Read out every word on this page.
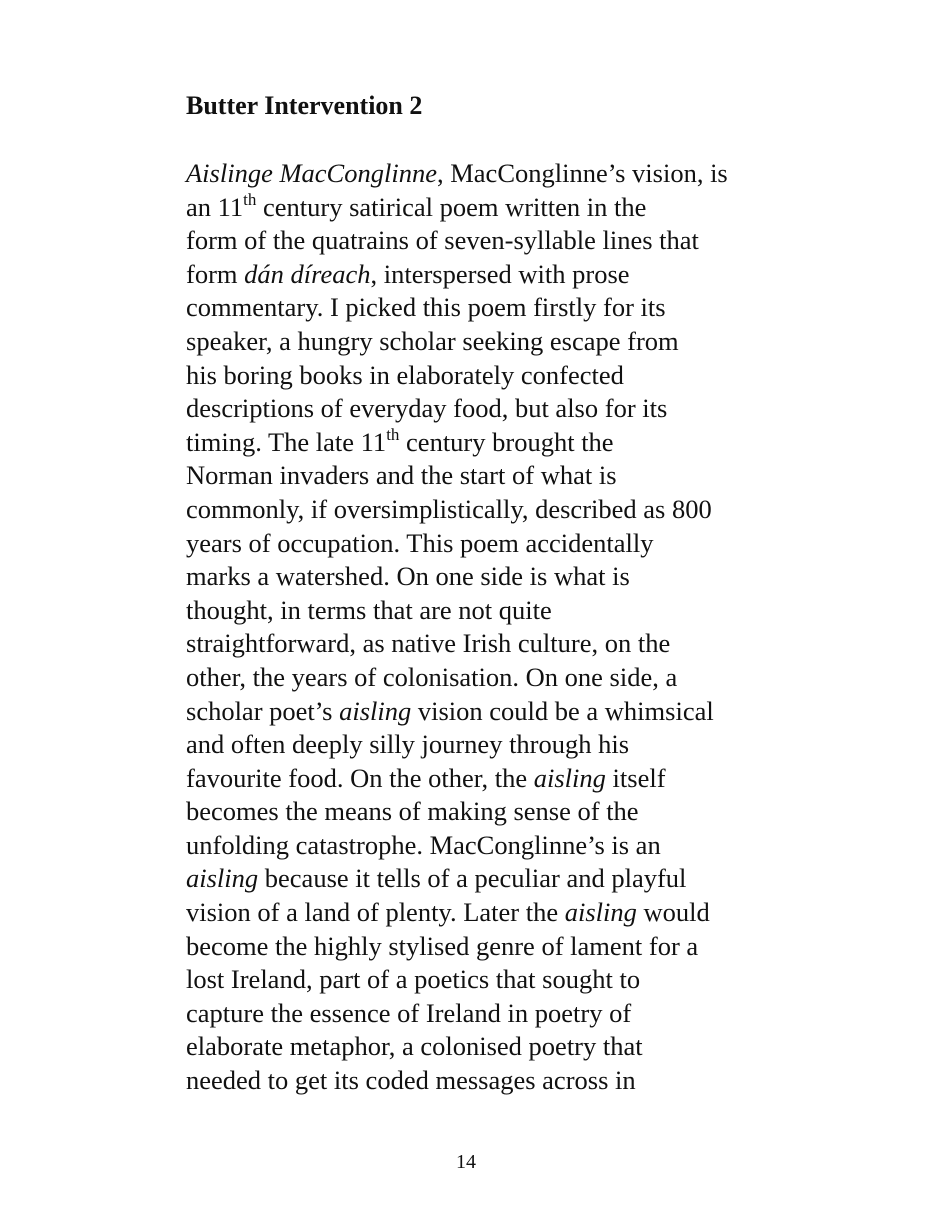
Butter Intervention 2
Aislinge MacConglinne, MacConglinne’s vision, is
an 11th century satirical poem written in the
form of the quatrains of seven-syllable lines that
form dán díreach, interspersed with prose
commentary. I picked this poem firstly for its
speaker, a hungry scholar seeking escape from
his boring books in elaborately confected
descriptions of everyday food, but also for its
timing. The late 11th century brought the
Norman invaders and the start of what is
commonly, if oversimplistically, described as 800
years of occupation. This poem accidentally
marks a watershed. On one side is what is
thought, in terms that are not quite
straightforward, as native Irish culture, on the
other, the years of colonisation. On one side, a
scholar poet’s aisling vision could be a whimsical
and often deeply silly journey through his
favourite food. On the other, the aisling itself
becomes the means of making sense of the
unfolding catastrophe. MacConglinne’s is an
aisling because it tells of a peculiar and playful
vision of a land of plenty. Later the aisling would
become the highly stylised genre of lament for a
lost Ireland, part of a poetics that sought to
capture the essence of Ireland in poetry of
elaborate metaphor, a colonised poetry that
needed to get its coded messages across in

14
